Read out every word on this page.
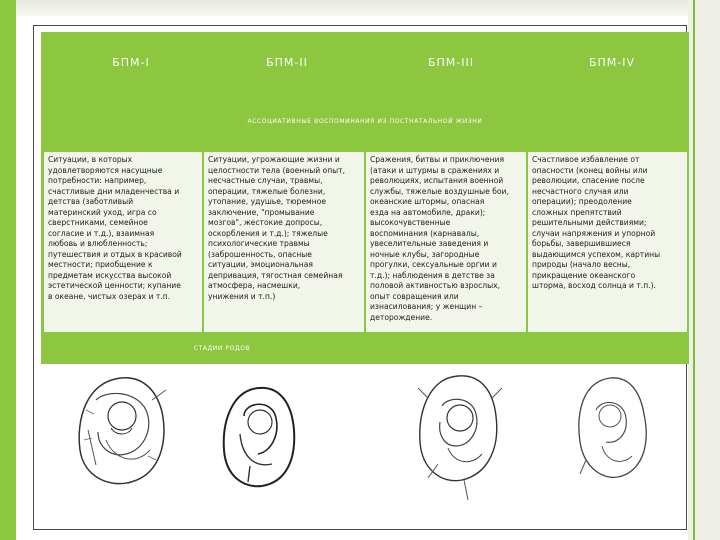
БПМ-I	БПМ-II	БПМ-III	БПМ-IV
АССОЦИАТИВНЫЕ ВОСПОМИНАНИЯ ИЗ ПОСТНАТАЛЬНОЙ ЖИЗНИ

Ситуации, в которых
удовлетворяются насущные
потребности: например,
счастливые дни младенчества и
детства (заботливый
материнский уход, игра со
сверстниками, семейное
согласие и т.д.), взаимная
любовь и влюбленность;
путешествия и отдых в красивой
местности; приобщение к
предметам искусства высокой
эстетической ценности; купание
в океане, чистых озерах и т.п.

Ситуации, угрожающие жизни и
целостности тела (военный опыт,
несчастные случаи, травмы,
операции, тяжелые болезни,
утопание, удушье, тюремное
заключение, "промывание
мозгов", жестокие допросы,
оскорбления и т.д.); тяжелые
психологические травмы
(заброшенность, опасные
ситуации, эмоциональная
депривация, тягостная семейная
атмосфера, насмешки,
унижения и т.п.)

Сражения, битвы и приключения
(атаки и штурмы в сражениях и
революциях, испытания военной
службы, тяжелые воздушные бои,
океанские штормы, опасная
езда на автомобиле, драки);
высокочувственные
воспоминания (карнавалы,
увеселительные заведения и
ночные клубы, загородные
прогулки, сексуальные оргии и
т.д.); наблюдения в детстве за
половой активностью взрослых,
опыт совращения или
изнасилования; у женщин –
деторождение.

Счастливое избавление от
опасности (конец войны или
революции, спасение после
несчастного случая или
операции); преодоление
сложных препятствий
решительными действиями;
случаи напряжения и упорной
борьбы, завершившиеся
выдающимся успехом, картины
природы (начало весны,
прикращение океанского
шторма, восход солнца и т.п.).

СТАДИИ РОДОВ
